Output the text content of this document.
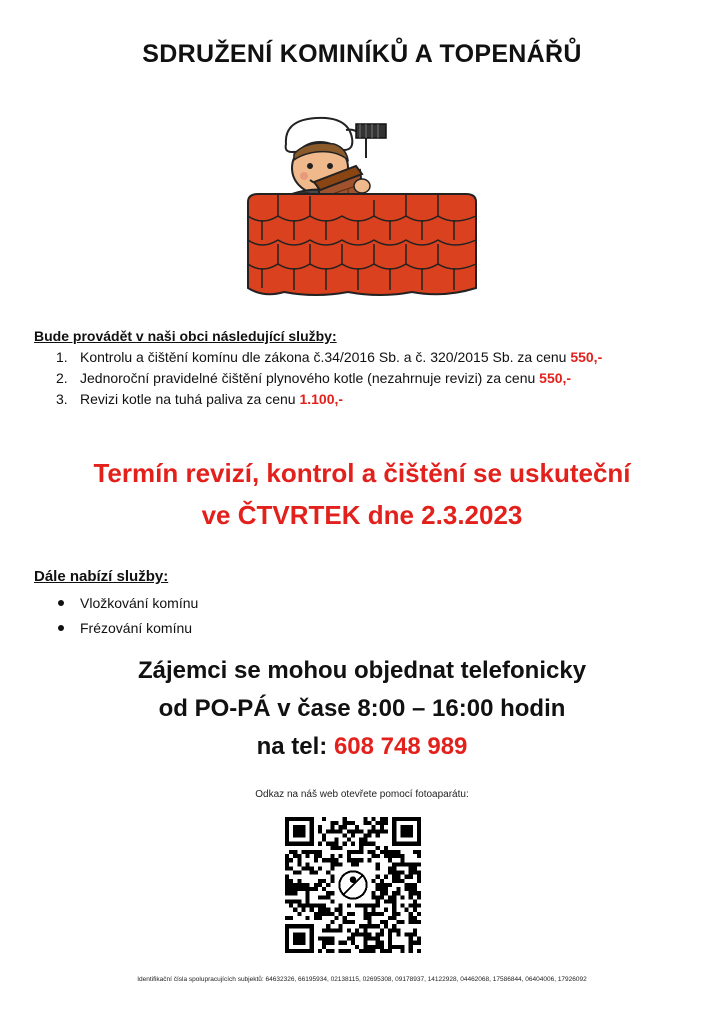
SDRUŽENÍ KOMINÍKŮ A TOPENÁŘŮ
Bude provádět v naši obci následující služby:
1. Kontrolu a čištění komínu dle zákona č.34/2016 Sb. a č. 320/2015 Sb. za cenu 550,-
2. Jednoroční pravidelné čištění plynového kotle (nezahrnuje revizi) za cenu 550,-
3. Revizi kotle na tuhá paliva za cenu 1.100,-
Termín revizí, kontrol a čištění se uskuteční
ve ČTVRTEK dne 2.3.2023
Dále nabízí služby:
Vložkování komínu
Frézování komínu
Zájemci se mohou objednat telefonicky
od PO-PÁ v čase 8:00 – 16:00 hodin
na tel: 608 748 989
Odkaz na náš web otevřete pomocí fotoaparátu:
Identifikační čísla spolupracujících subjektů: 64632326, 66195934, 02138115, 02695308, 09178937, 14122928, 04462068, 17586844, 06404006, 17926092
